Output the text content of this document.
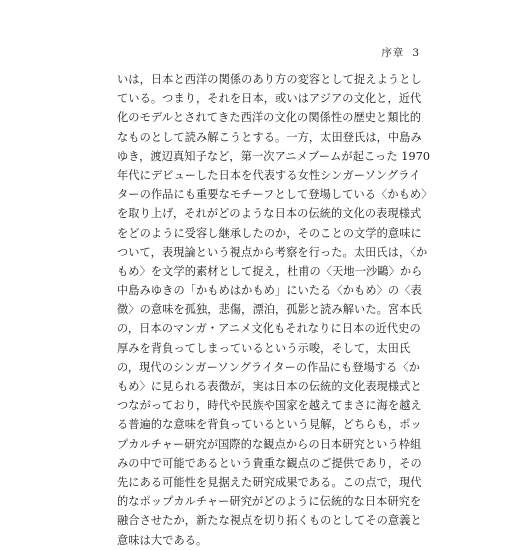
序章 3
いは，日本と西洋の関係のあり方の変容として捉えようとし
ている。つまり，それを日本，或いはアジアの文化と，近代
化のモデルとされてきた西洋の文化の関係性の歴史と類比的
なものとして読み解こうとする。一方，太田登氏は，中島み
ゆき，渡辺真知子など，第一次アニメブームが起こった 1970
年代にデビューした日本を代表する女性シンガーソングライ
ターの作品にも重要なモチーフとして登場している〈かもめ〉
を取り上げ，それがどのような日本の伝統的文化の表現様式
をどのように受容し継承したのか，そのことの文学的意味に
ついて，表現論という視点から考察を行った。太田氏は，〈か
もめ〉を文学的素材として捉え，杜甫の〈天地一沙鷗〉から
中島みゆきの「かもめはかもめ」にいたる〈かもめ〉の〈表
徴〉の意味を孤独，悲傷，漂泊，孤影と読み解いた。宮本氏
の，日本のマンガ・アニメ文化もそれなりに日本の近代史の
厚みを背負ってしまっているという示唆，そして，太田氏
の，現代のシンガーソングライターの作品にも登場する〈か
もめ〉に見られる表徴が，実は日本の伝統的文化表現様式と
つながっており，時代や民族や国家を越えてまさに海を越え
る普遍的な意味を背負っているという見解，どちらも，ポッ
プカルチャー研究が国際的な観点からの日本研究という枠組
みの中で可能であるという貴重な観点のご提供であり，その
先にある可能性を見据えた研究成果である。この点で，現代
的なポップカルチャー研究がどのように伝統的な日本研究を
融合させたか，新たな視点を切り拓くものとしてその意義と
意味は大である。
